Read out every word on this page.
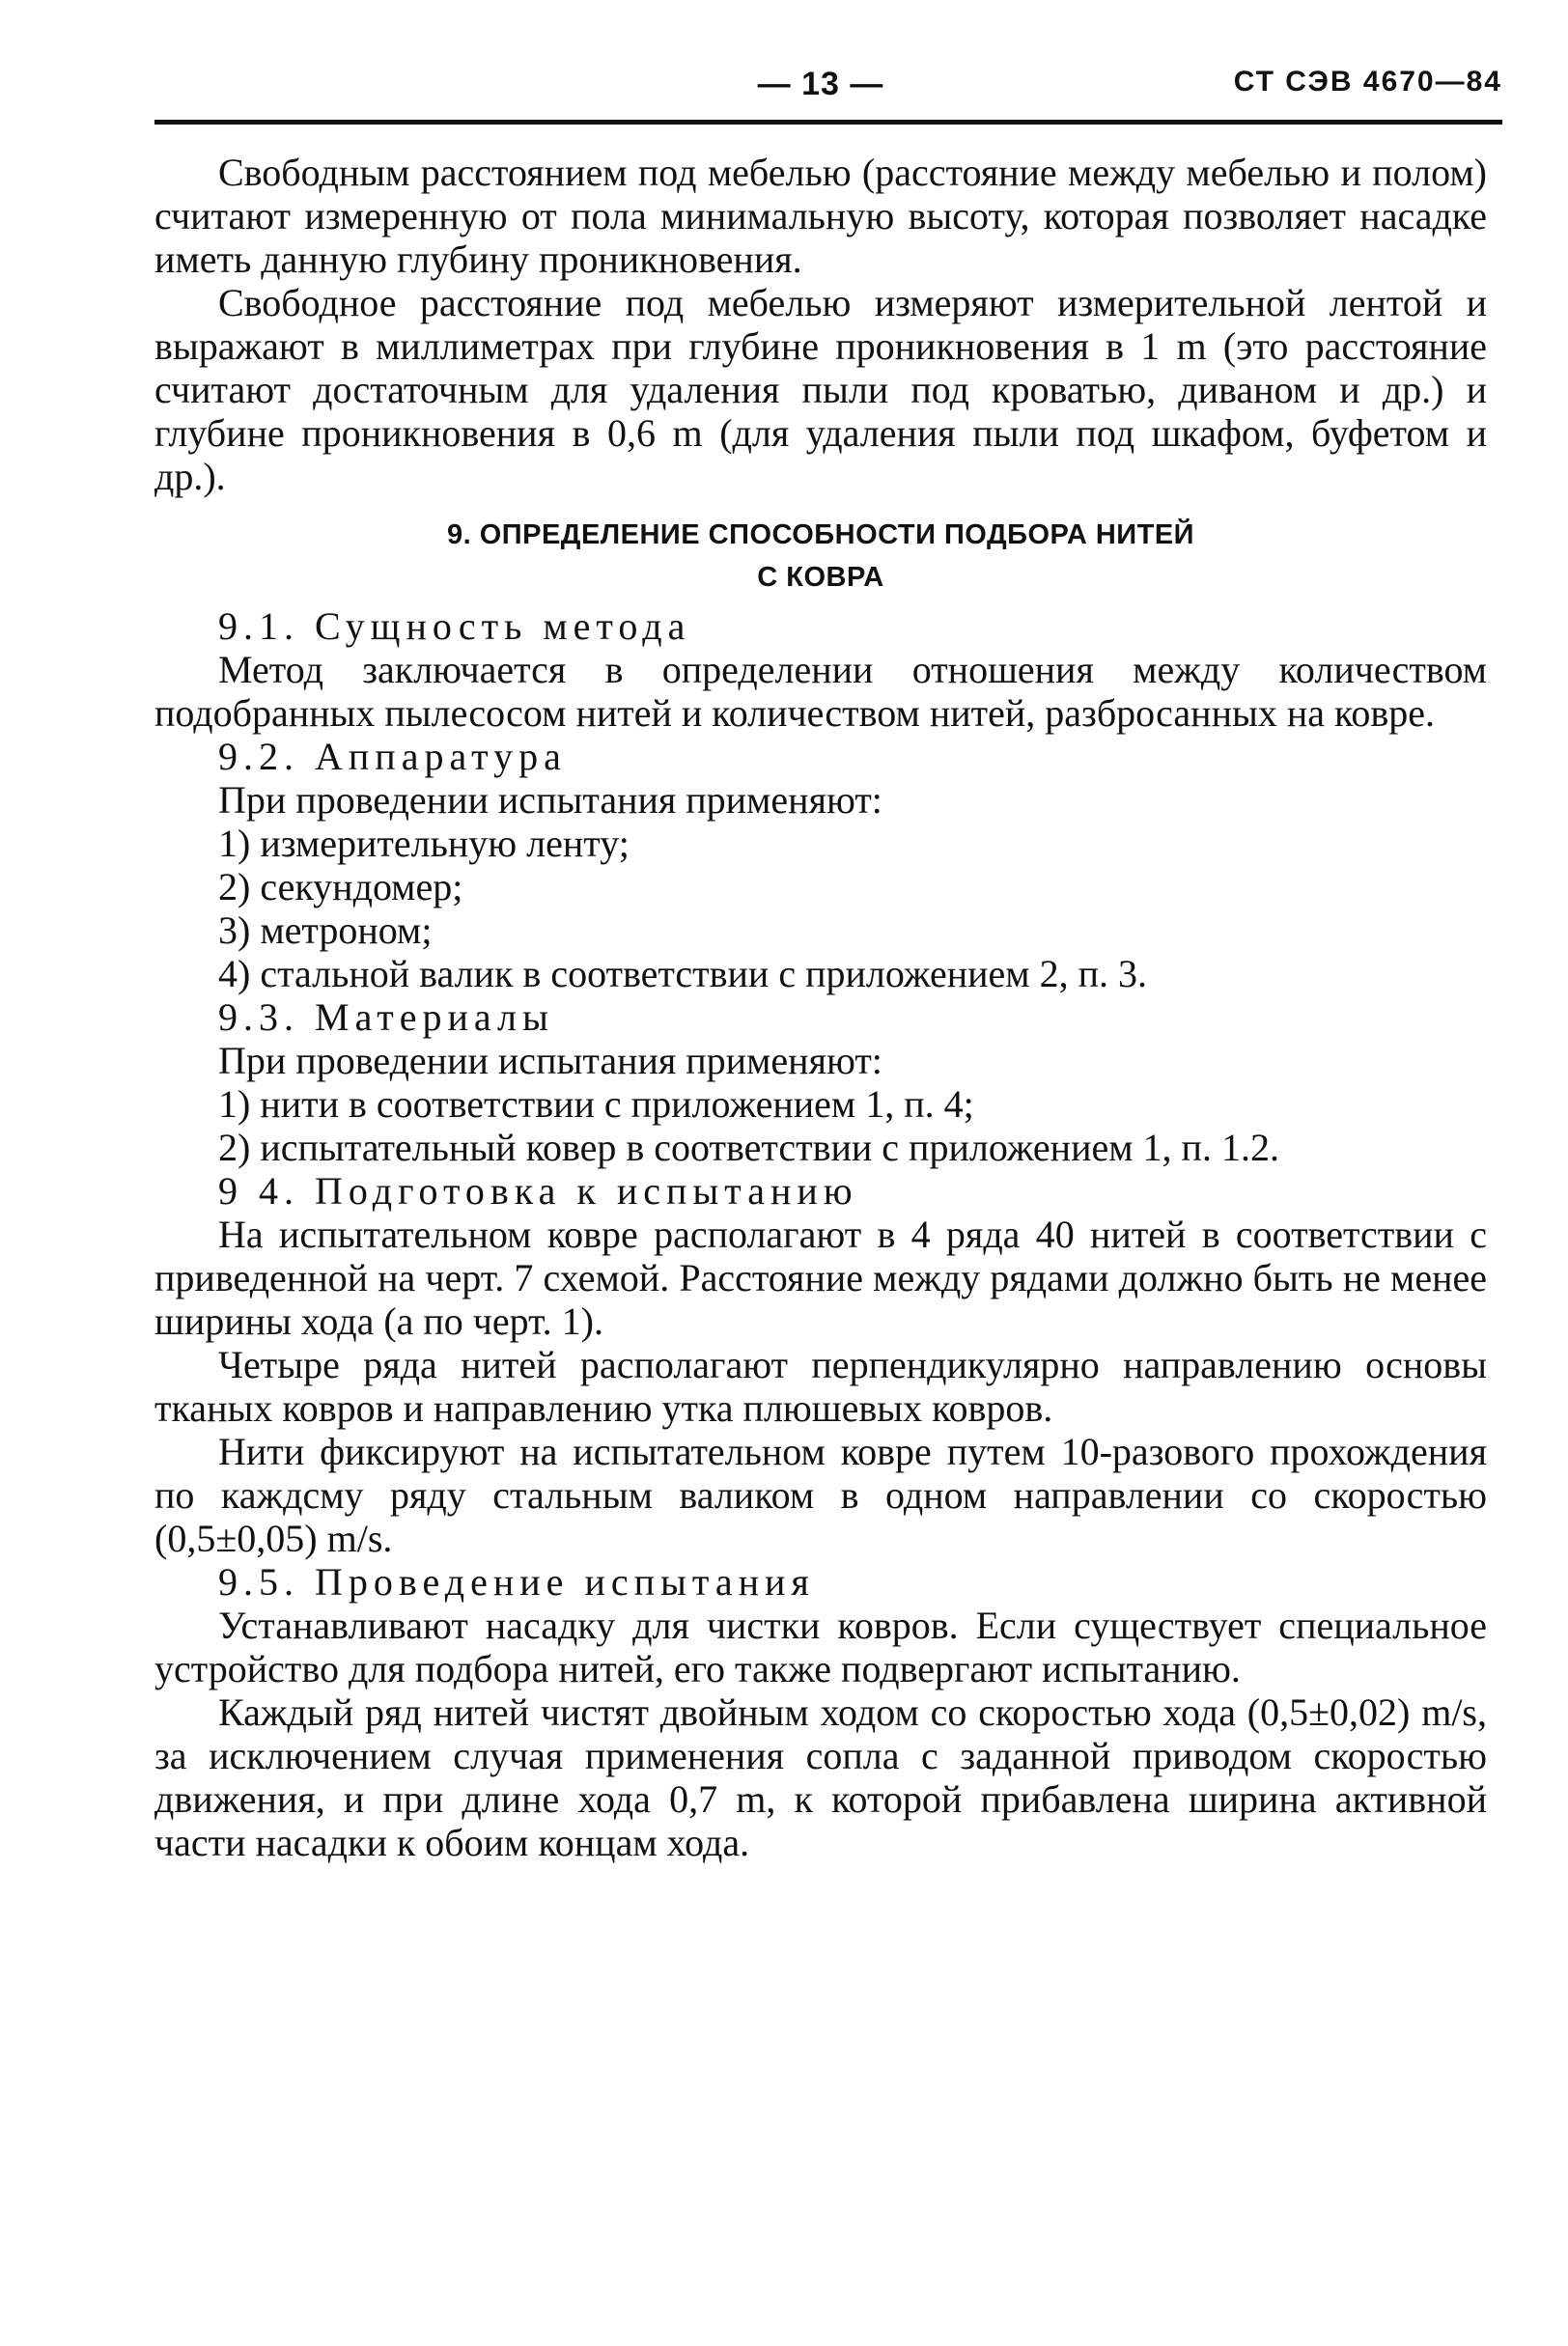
— 13 —	СТ СЭВ 4670—84

Свободным расстоянием под мебелью (расстояние между мебелью и полом) считают измеренную от пола минимальную высоту, которая позволяет насадке иметь данную глубину проникновения.

Свободное расстояние под мебелью измеряют измерительной лентой и выражают в миллиметрах при глубине проникновения в 1 m (это расстояние считают достаточным для удаления пыли под кроватью, диваном и др.) и глубине проникновения в 0,6 m (для удаления пыли под шкафом, буфетом и др.).

9. ОПРЕДЕЛЕНИЕ СПОСОБНОСТИ ПОДБОРА НИТЕЙ
С КОВРА

9.1. Сущность метода

Метод заключается в определении отношения между количеством подобранных пылесосом нитей и количеством нитей, разбросанных на ковре.

9.2. Аппаратура

При проведении испытания применяют:

1) измерительную ленту;
2) секундомер;
3) метроном;
4) стальной валик в соответствии с приложением 2, п. 3.

9.3. Материалы

При проведении испытания применяют:

1) нити в соответствии с приложением 1, п. 4;

2) испытательный ковер в соответствии с приложением 1, п. 1.2.

9 4. Подготовка к испытанию

На испытательном ковре располагают в 4 ряда 40 нитей в соответствии с приведенной на черт. 7 схемой. Расстояние между рядами должно быть не менее ширины хода (a по черт. 1).

Четыре ряда нитей располагают перпендикулярно направлению основы тканых ковров и направлению утка плюшевых ковров.

Нити фиксируют на испытательном ковре путем 10-разового прохождения по каждсму ряду стальным валиком в одном направлении со скоростью (0,5±0,05) m/s.

9.5. Проведение испытания

Устанавливают насадку для чистки ковров. Если существует специальное устройство для подбора нитей, его также подвергают испытанию.

Каждый ряд нитей чистят двойным ходом со скоростью хода (0,5±0,02) m/s, за исключением случая применения сопла с заданной приводом скоростью движения, и при длине хода 0,7 m, к которой прибавлена ширина активной части насадки к обоим концам хода.
